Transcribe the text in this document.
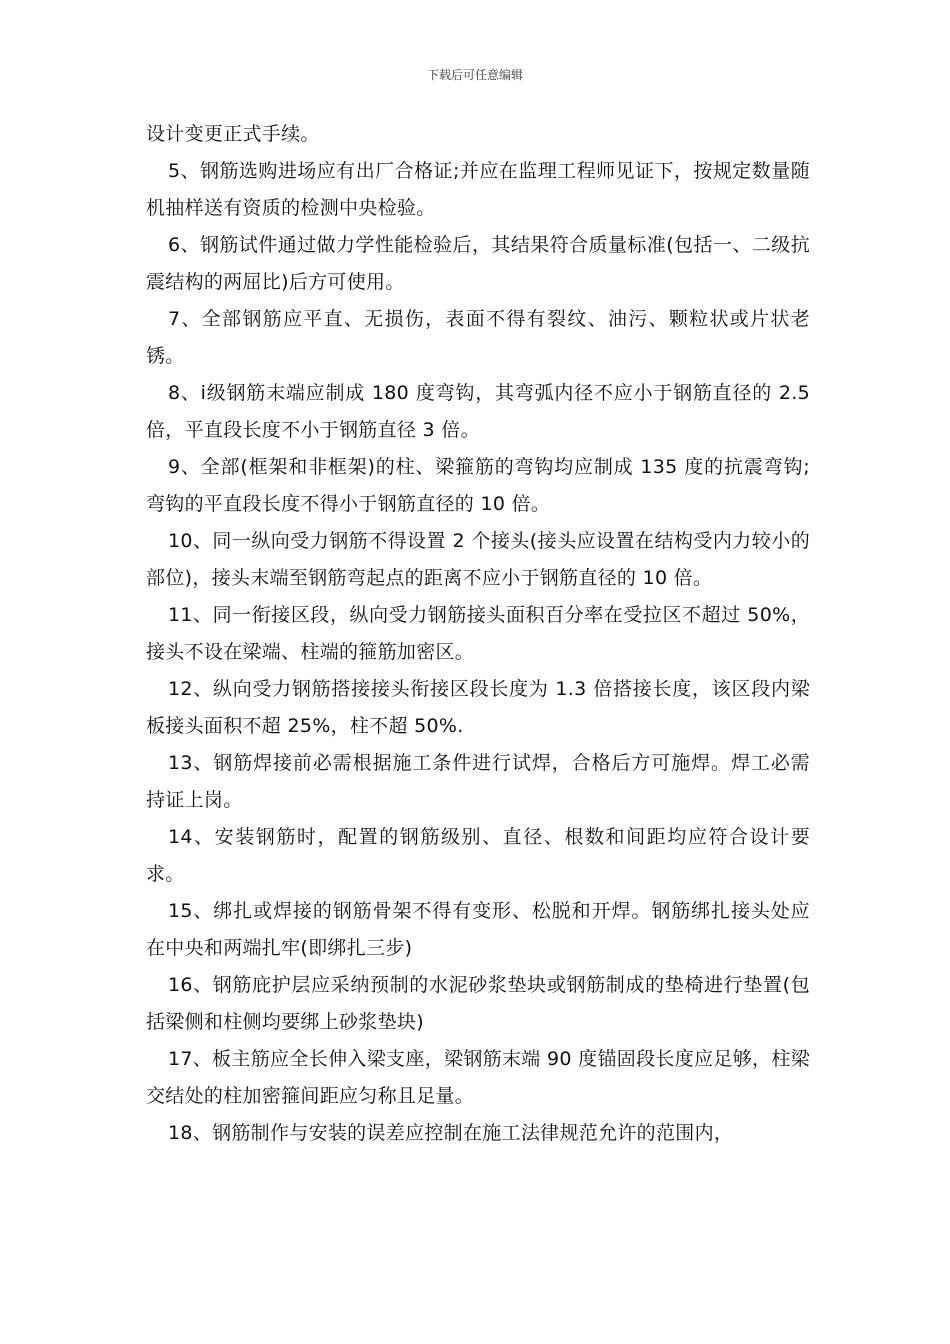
下载后可任意编辑

设计变更正式手续。

5、钢筋选购进场应有出厂合格证;并应在监理工程师见证下，按规定数量随机抽样送有资质的检测中央检验。

6、钢筋试件通过做力学性能检验后，其结果符合质量标准(包括一、二级抗震结构的两屈比)后方可使用。

7、全部钢筋应平直、无损伤，表面不得有裂纹、油污、颗粒状或片状老锈。

8、ⅰ级钢筋末端应制成 180 度弯钩，其弯弧内径不应小于钢筋直径的 2.5 倍，平直段长度不小于钢筋直径 3 倍。

9、全部(框架和非框架)的柱、梁箍筋的弯钩均应制成 135 度的抗震弯钩;弯钩的平直段长度不得小于钢筋直径的 10 倍。

10、同一纵向受力钢筋不得设置 2 个接头(接头应设置在结构受内力较小的部位)，接头末端至钢筋弯起点的距离不应小于钢筋直径的 10 倍。

11、同一衔接区段，纵向受力钢筋接头面积百分率在受拉区不超过 50%，接头不设在梁端、柱端的箍筋加密区。

12、纵向受力钢筋搭接接头衔接区段长度为 1.3 倍搭接长度，该区段内梁板接头面积不超 25%，柱不超 50%.

13、钢筋焊接前必需根据施工条件进行试焊，合格后方可施焊。焊工必需持证上岗。

14、安装钢筋时，配置的钢筋级别、直径、根数和间距均应符合设计要求。

15、绑扎或焊接的钢筋骨架不得有变形、松脱和开焊。钢筋绑扎接头处应在中央和两端扎牢(即绑扎三步)

16、钢筋庇护层应采纳预制的水泥砂浆垫块或钢筋制成的垫椅进行垫置(包括梁侧和柱侧均要绑上砂浆垫块)

17、板主筋应全长伸入梁支座，梁钢筋末端 90 度锚固段长度应足够，柱梁交结处的柱加密箍间距应匀称且足量。

18、钢筋制作与安装的误差应控制在施工法律规范允许的范围内，
